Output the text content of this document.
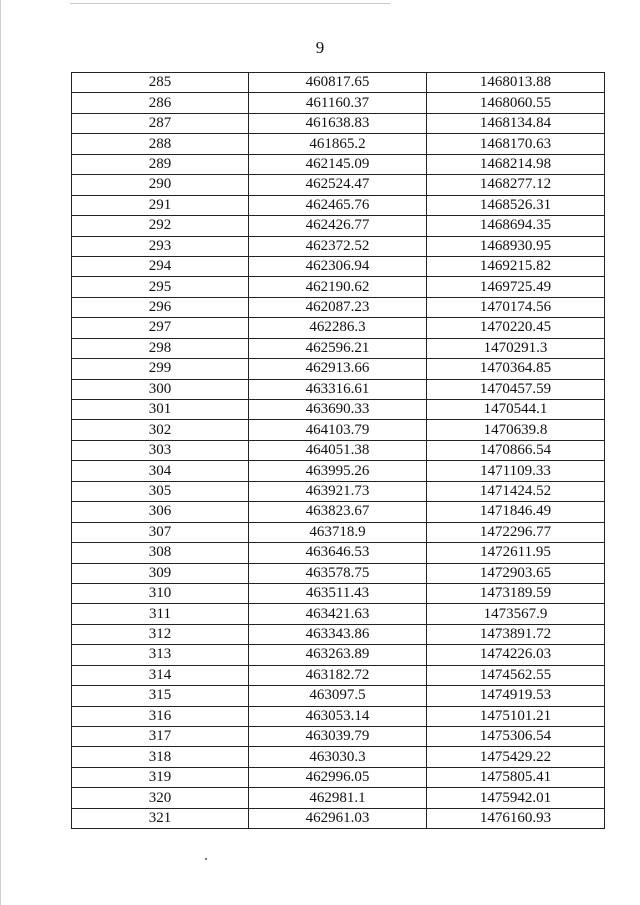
9
285	460817.65	1468013.88
286	461160.37	1468060.55
287	461638.83	1468134.84
288	461865.2	1468170.63
289	462145.09	1468214.98
290	462524.47	1468277.12
291	462465.76	1468526.31
292	462426.77	1468694.35
293	462372.52	1468930.95
294	462306.94	1469215.82
295	462190.62	1469725.49
296	462087.23	1470174.56
297	462286.3	1470220.45
298	462596.21	1470291.3
299	462913.66	1470364.85
300	463316.61	1470457.59
301	463690.33	1470544.1
302	464103.79	1470639.8
303	464051.38	1470866.54
304	463995.26	1471109.33
305	463921.73	1471424.52
306	463823.67	1471846.49
307	463718.9	1472296.77
308	463646.53	1472611.95
309	463578.75	1472903.65
310	463511.43	1473189.59
311	463421.63	1473567.9
312	463343.86	1473891.72
313	463263.89	1474226.03
314	463182.72	1474562.55
315	463097.5	1474919.53
316	463053.14	1475101.21
317	463039.79	1475306.54
318	463030.3	1475429.22
319	462996.05	1475805.41
320	462981.1	1475942.01
321	462961.03	1476160.93
